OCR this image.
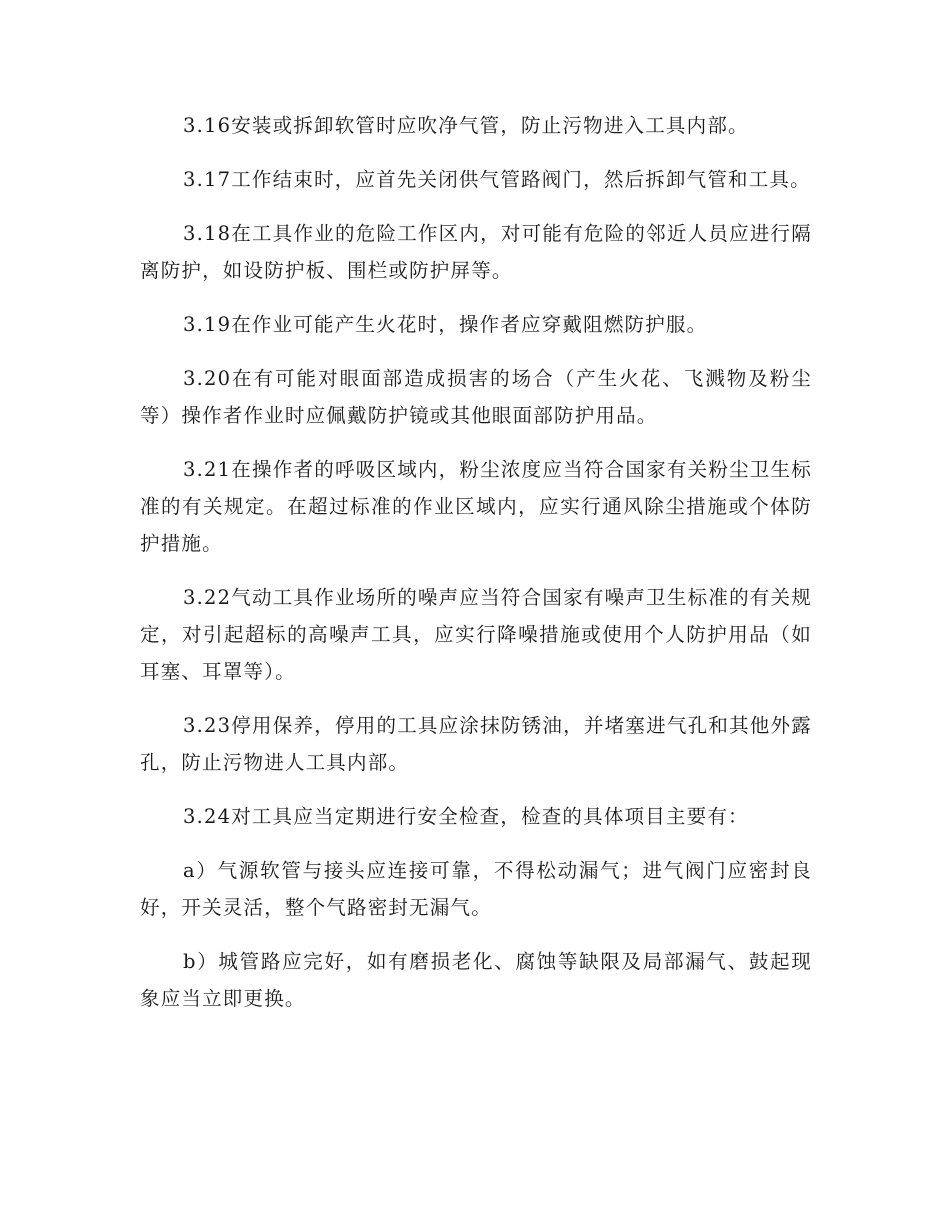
3.16安装或拆卸软管时应吹净气管，防止污物进入工具内部。

3.17工作结束时，应首先关闭供气管路阀门，然后拆卸气管和工具。

3.18在工具作业的危险工作区内，对可能有危险的邻近人员应进行隔离防护，如设防护板、围栏或防护屏等。

3.19在作业可能产生火花时，操作者应穿戴阻燃防护服。

3.20在有可能对眼面部造成损害的场合（产生火花、飞溅物及粉尘等）操作者作业时应佩戴防护镜或其他眼面部防护用品。

3.21在操作者的呼吸区域内，粉尘浓度应当符合国家有关粉尘卫生标准的有关规定。在超过标准的作业区域内，应实行通风除尘措施或个体防护措施。

3.22气动工具作业场所的噪声应当符合国家有噪声卫生标准的有关规定，对引起超标的高噪声工具，应实行降噪措施或使用个人防护用品（如耳塞、耳罩等）。

3.23停用保养，停用的工具应涂抹防锈油，并堵塞进气孔和其他外露孔，防止污物进人工具内部。

3.24对工具应当定期进行安全检查，检查的具体项目主要有：

a）气源软管与接头应连接可靠，不得松动漏气；进气阀门应密封良好，开关灵活，整个气路密封无漏气。

b）城管路应完好，如有磨损老化、腐蚀等缺限及局部漏气、鼓起现象应当立即更换。
